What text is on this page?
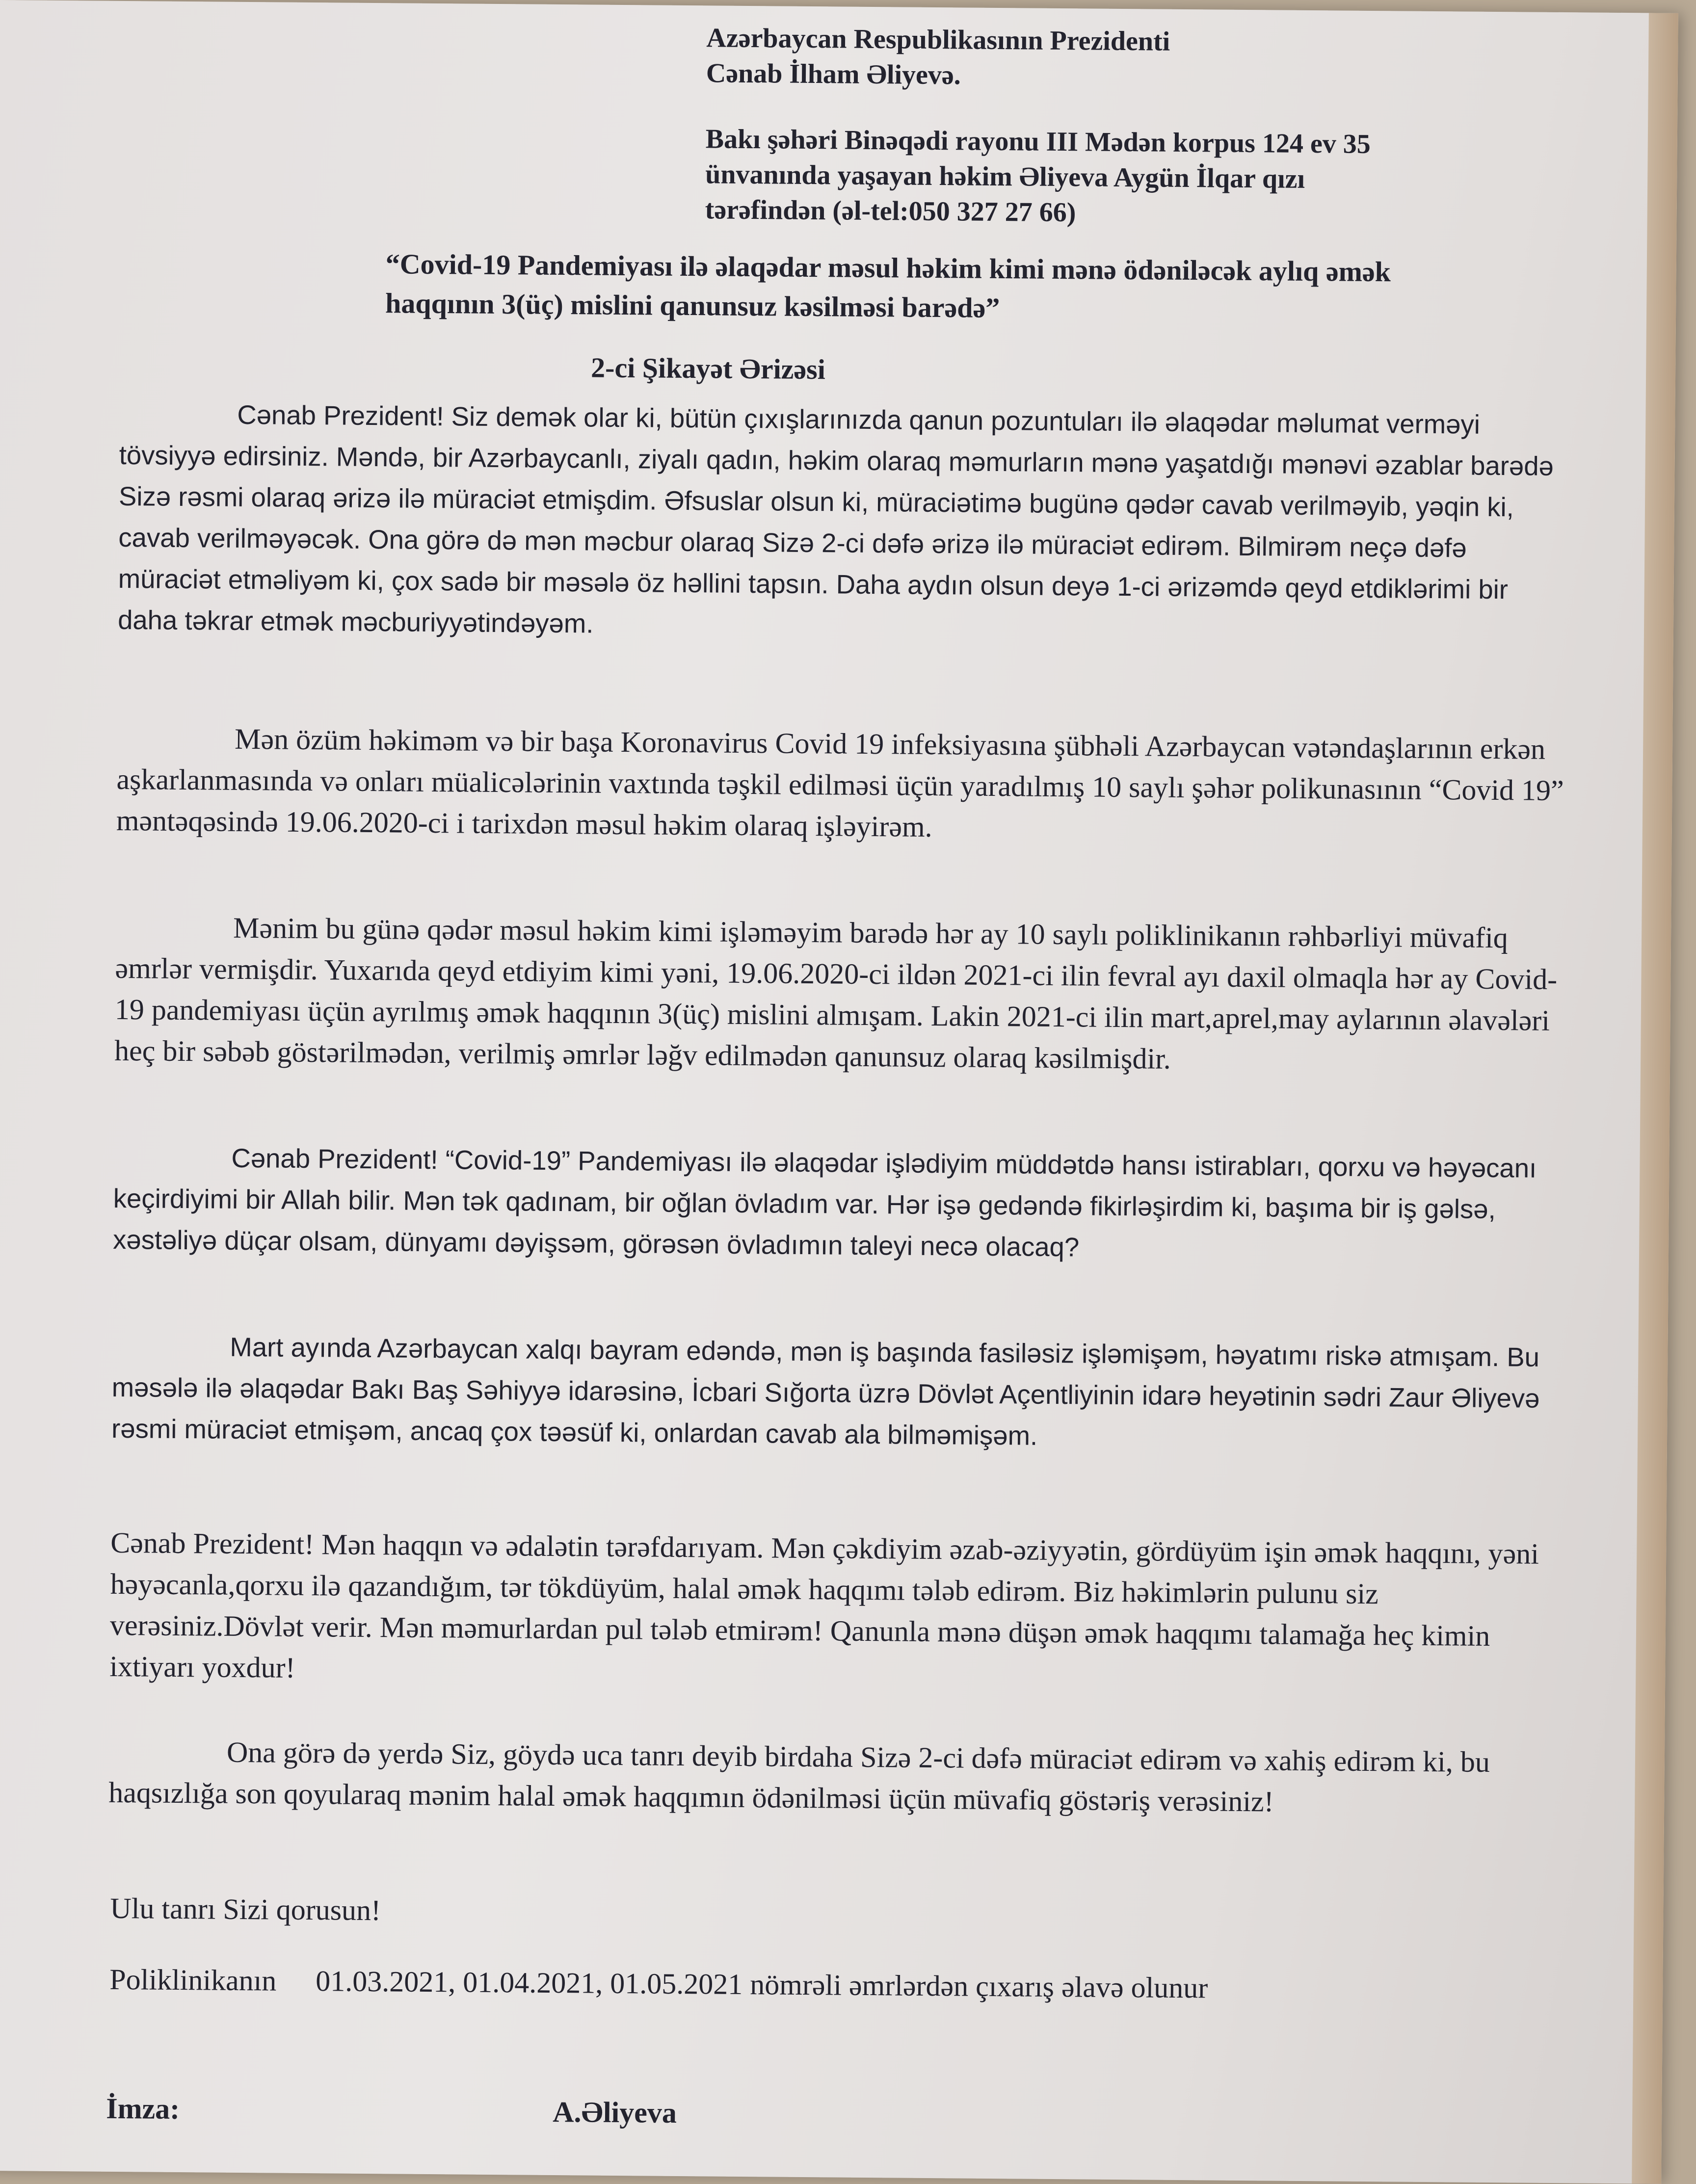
Azərbaycan Respublikasının Prezidenti

Cənab İlham Əliyevə.

Bakı şəhəri Binəqədi rayonu III Mədən korpus 124 ev 35

ünvanında yaşayan həkim Əliyeva Aygün İlqar qızı

tərəfindən (əl-tel:050 327 27 66)

“Covid-19 Pandemiyası ilə əlaqədar məsul həkim kimi mənə ödəniləcək aylıq əmək

haqqının 3(üç) mislini qanunsuz kəsilməsi barədə”

2-ci Şikayət Ərizəsi

Cənab Prezident! Siz demək olar ki, bütün çıxışlarınızda qanun pozuntuları ilə əlaqədar məlumat verməyi tövsiyyə edirsiniz. Məndə, bir Azərbaycanlı, ziyalı qadın, həkim olaraq məmurların mənə yaşatdığı mənəvi əzablar barədə Sizə rəsmi olaraq ərizə ilə müraciət etmişdim. Əfsuslar olsun ki, müraciətimə bugünə qədər cavab verilməyib, yəqin ki, cavab verilməyəcək. Ona görə də mən məcbur olaraq Sizə 2-ci dəfə ərizə ilə müraciət edirəm. Bilmirəm neçə dəfə müraciət etməliyəm ki, çox sadə bir məsələ öz həllini tapsın. Daha aydın olsun deyə 1-ci ərizəmdə qeyd etdiklərimi bir daha təkrar etmək məcburiyyətindəyəm.

Mən özüm həkiməm və bir başa Koronavirus Covid 19 infeksiyasına şübhəli Azərbaycan vətəndaşlarının erkən aşkarlanmasında və onları müalicələrinin vaxtında təşkil edilməsi üçün yaradılmış 10 saylı şəhər polikunasının “Covid 19” məntəqəsində 19.06.2020-ci i tarixdən məsul həkim olaraq işləyirəm.

Mənim bu günə qədər məsul həkim kimi işləməyim barədə hər ay 10 saylı poliklinikanın rəhbərliyi müvafiq əmrlər vermişdir. Yuxarıda qeyd etdiyim kimi yəni, 19.06.2020-ci ildən 2021-ci ilin fevral ayı daxil olmaqla hər ay Covid-19 pandemiyası üçün ayrılmış əmək haqqının 3(üç) mislini almışam. Lakin 2021-ci ilin mart,aprel,may aylarının əlavələri heç bir səbəb göstərilmədən, verilmiş əmrlər ləğv edilmədən qanunsuz olaraq kəsilmişdir.

Cənab Prezident! “Covid-19” Pandemiyası ilə əlaqədar işlədiyim müddətdə hansı istirabları, qorxu və həyəcanı keçirdiyimi bir Allah bilir. Mən tək qadınam, bir oğlan övladım var. Hər işə gedəndə fikirləşirdim ki, başıma bir iş gəlsə, xəstəliyə düçar olsam, dünyamı dəyişsəm, görəsən övladımın taleyi necə olacaq?

Mart ayında Azərbaycan xalqı bayram edəndə, mən iş başında fasiləsiz işləmişəm, həyatımı riskə atmışam. Bu məsələ ilə əlaqədar Bakı Baş Səhiyyə idarəsinə, İcbari Sığorta üzrə Dövlət Açentliyinin idarə heyətinin sədri Zaur Əliyevə rəsmi müraciət etmişəm, ancaq çox təəsüf ki, onlardan cavab ala bilməmişəm.

Cənab Prezident! Mən haqqın və ədalətin tərəfdarıyam. Mən çəkdiyim əzab-əziyyətin, gördüyüm işin əmək haqqını, yəni həyəcanla,qorxu ilə qazandığım, tər tökdüyüm, halal əmək haqqımı tələb edirəm. Biz həkimlərin pulunu siz verəsiniz.Dövlət verir. Mən məmurlardan pul tələb etmirəm! Qanunla mənə düşən əmək haqqımı talamağa heç kimin ixtiyarı yoxdur!

Ona görə də yerdə Siz, göydə uca tanrı deyib birdaha Sizə 2-ci dəfə müraciət edirəm və xahiş edirəm ki, bu haqsızlığa son qoyularaq mənim halal əmək haqqımın ödənilməsi üçün müvafiq göstəriş verəsiniz!

Ulu tanrı Sizi qorusun!

Poliklinikanın 01.03.2021, 01.04.2021, 01.05.2021 nömrəli əmrlərdən çıxarış əlavə olunur
İmza:	A.Əliyeva
